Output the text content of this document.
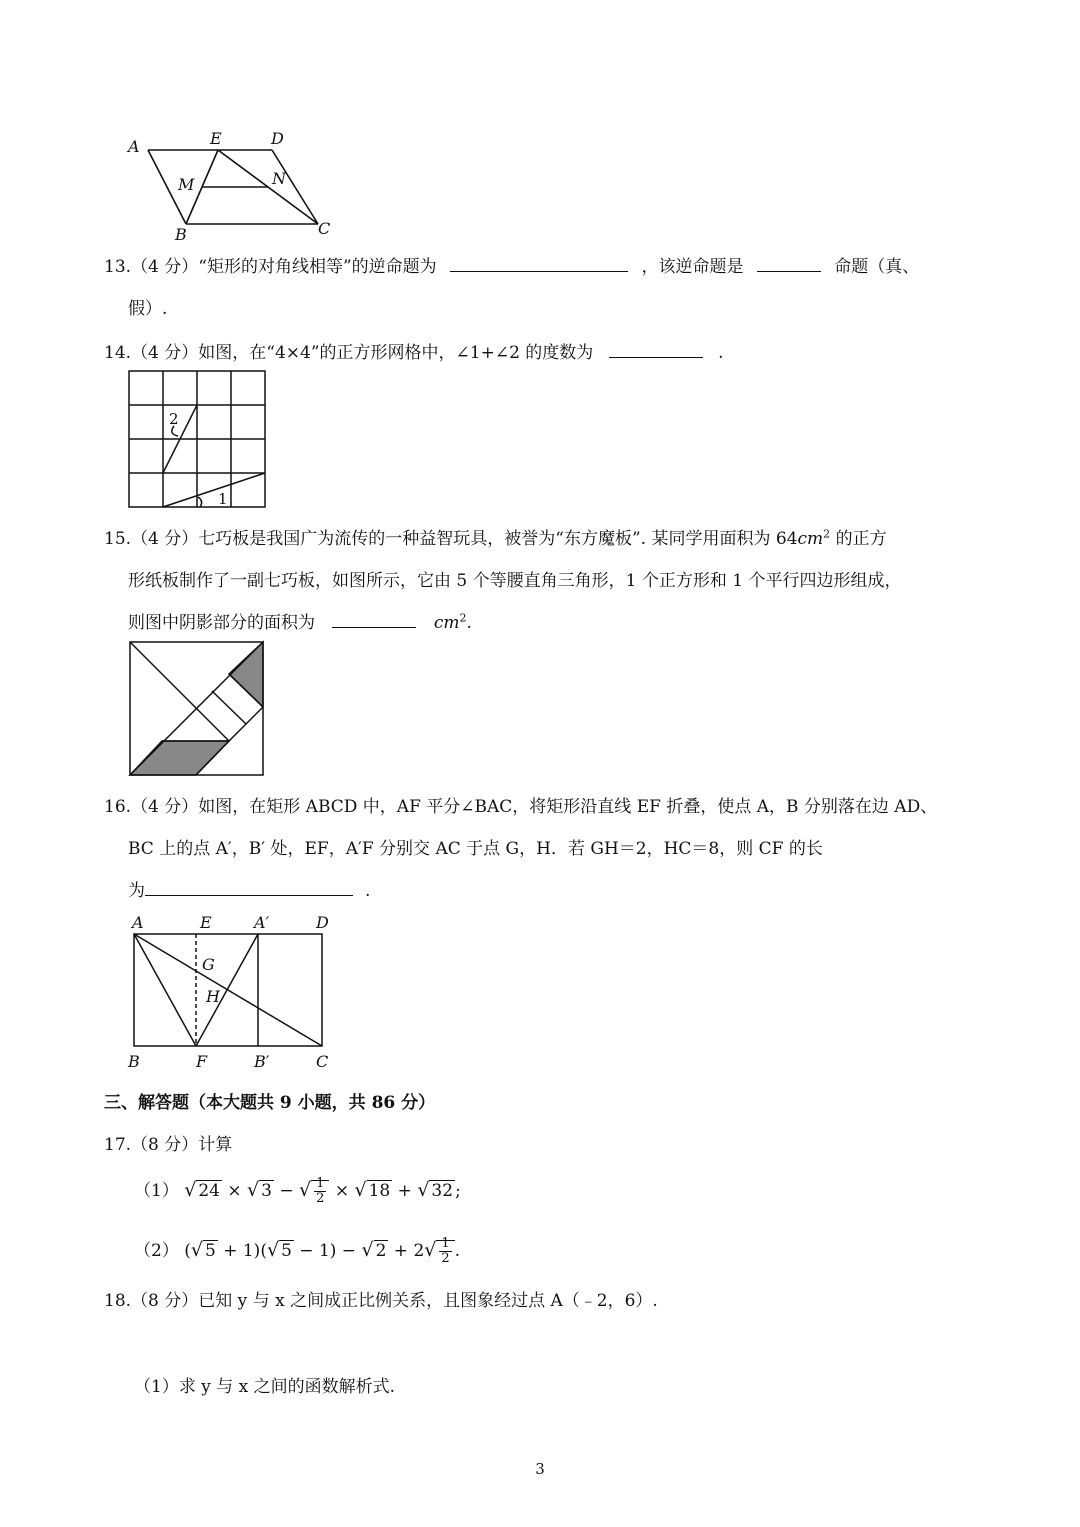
A	E	D
M	N
B	C
13.（4 分）“矩形的对角线相等”的逆命题为	，该逆命题是	命题（真、
假）.
14.（4 分）如图，在“4×4”的正方形网格中，∠1+∠2 的度数为	.
2
1
15.（4 分）七巧板是我国广为流传的一种益智玩具，被誉为“东方魔板”. 某同学用面积为 $64cm^2$ 的正方
形纸板制作了一副七巧板，如图所示，它由 5 个等腰直角三角形，1 个正方形和 1 个平行四边形组成，
则图中阴影部分的面积为	$cm^2$.
16.（4 分）如图，在矩形 ABCD 中，AF 平分∠BAC，将矩形沿直线 EF 折叠，使点 A，B 分别落在边 AD、
BC 上的点 A′，B′ 处，EF，A′F 分别交 AC 于点 G，H．若 GH＝2，HC＝8，则 CF 的长
为	.
A	E	A′	D
G
H
B	F	B′	C
三、解答题（本大题共 9 小题，共 86 分）
17.（8 分）计算
（1） √ 24 × √ 3 − √ $\frac{1}{2}$ × √ 18 + √ 32 ;
（2） (√ 5 + 1)(√ 5 − 1) − √ $2 + 2√ \frac{1}{2}$ .
18.（8 分）已知 y 与 x 之间成正比例关系，且图象经过点 A（﹣2，6）.
（1）求 y 与 x 之间的函数解析式.
3
